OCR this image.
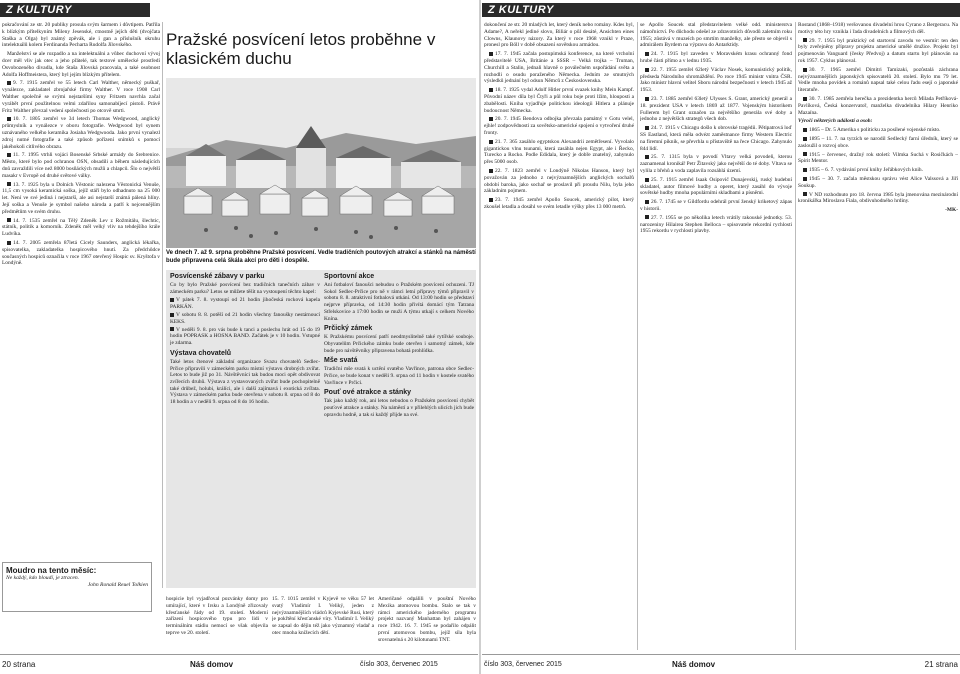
Z KULTURY

pokračování ze str. 20 publiky prosula svým šarmem i důvtipem. Patřila k blízkým přítelkyním Mileny Jesenské, ctnostně jejích děti (dvojčata Staška a Olga) byl známý zpěvák, ale i gan a příslušník okruhu intelektuálů kolem Ferdinanda Pecharta Rudolfa Jílovského.

Manželství se ale rozpadlo a na intelektuálni a vůbec duchovní vývoj dcer měl vliv jak otec a jeho přátelé, tak textové umělecké prostředí Osvobozeného divadla, kde Staša Jílovská pracovala, a také osobnost Adolfa Hoffmeistera, který byl jejím blízkým přítelem.

9. 7. 1915 zemřel ve 55 letech Carl Walther, německý puškař, vynálezce, zakladatel zbrojařské firmy Walther. V roce 1908 Carl Walther společně se svými nejstaršími syny Fritzem navrhla začal vyrábět první použitelnou velmi zdařilou samonabíjecí pistoli. Právě Fritz Walther převzal vedení společnosti po otcově smrti.

10. 7. 1805 zemřel ve 34 letech Thomas Wedgwood, anglický průmyslník a vynálezce v oboru fotografie. Wedgwood byl synem uznávaného velkého keramika Josiaha Wedgwooda. Jako první vynalezl zdroj nutné fotografie a také způsob pořízení snímků s pomocí jakéhokoli citlivého obrazu.

11. 7. 1995 vtrhli vojáci Bosenské Srbské armády do Srebrenice. Město, které bylo pod ochranou OSN, obsadili a během následujících dnů zavraždili více než 8000 bosňáckých mužů a chlapců. Šlo o největší masakr v Evropě od druhé světové války.

13. 7. 1925 byla u Dolních Věstonic nalezena Věstonická Venuše, 11,5 cm vysoká keramická soška, jejíž stáří bylo odhadnuto na 25 000 let. Není ve své jediná i nejstarší, ale asi nejstarší známá pálená hlíny. Její soška a Venuše je symbol našeho národa a patří k nejcennějším předmětům ve svém druhu.

14. 7. 1535 zemřel na Tělý Zdeněk Lev z Rožmitálu, šlechtic, státník, politik a komorník. Zdeněk měl velký vliv na tehdejšího krále Ludvíka.

14. 7. 2005 zemřela 87letá Cicely Saunders, anglická lékařka, spisovatelka, zakladatelka hospicového hnutí. Za předchůdce současných hospiců označila v roce 1967 otevřený Hospic sv. Kryštofa v Londýně.

Moudro na tento měsíc:

Ne každý, kdo bloudí, je ztracen.

John Ronald Reuel Tolkien

Pražské posvícení letos proběhne v klasickém duchu
Ve dnech 7. až 9. srpna proběhne Pražské posvícení. Vedle tradičních poutových atrakcí a stánků na náměstí bude připravena celá škála akcí pro děti i dospělé.
Posvícenské zábavy v parku

Co by bylo Pražské posvícení bez tradičních tanečních zábav v zámeckém parku? Letos se můžete těšit na vystoupení těchto kapel:

V pátek 7. 8. vystoupí od 21 hodin jihočeská rocková kapela PARKÁN.

V sobotu 8. 8. potěší od 21 hodin všechny fanoušky nestárnoucí KEKS.

V neděli 9. 8. pro vás bude k tanci a poslechu hrát od 15 do 19 hodin POPRASK a HOSNA BAND. Začátek je v 10 hodin. Vstupné je zdarma.

Výstava chovatelů

Také letos čtenové základní organizace Svazu chovatelů Sedlec-Prčice připravili v zámeckém parku místní výstavu drobných zvířat. Letos to bude již po 31. Návštěvníci tak budou moci opět obdivovat zvířecích druhů. Výstava z vystavovaných zvířat bude pochopitelně také drůbež, holubi, králíci, ale i další zajímavá i exotická zvířata. Výstava v zámeckém parku bude otevřena v sobotu 8. srpna od 8 do 18 hodin a v neděli 9. srpna od 8 do 16 hodin.

Sportovní akce

Ani fotbaloví fanoušci nebudou o Pražském posvícení ochuzeni. TJ Sokol Sedlec-Prčice pro ně v rámci letní přípravy týmů připravil v sobotu 8. 8. atraktivní fotbalová utkání. Od 13:00 hodin se představí nejprve přípravka, od 14:30 hodin přivítá domácí tým Tatrana Střelskovice a 17:00 hodin se muži A týmu utkají s celkem Nového Knína.

Prčický zámek

K Pražskému posvícení patří neodmyslitelně také rytířské souboje. Obyvatelům Prčického zámku bude otevřen i samotný zámek, kde bude pro návštěvníky připravena bohatá prohlídka.

Mše svatá

Tradiční mše svatá k uctění svatého Vavřince, patrona obce Sedlec-Prčice, se bude konat v neděli 9. srpna od 11 hodin v kostele svatého Vavřince v Prčici.

Pouť ové atrakce a stánky

Tak jako každý rok, ani letos nebudou o Pražském posvícení chybět pouťové atrakce a stánky. Na náměstí a v přilehlých ulicích jich bude opravdu hodně, a tak si každý přijde na své.

hospicie byl vyjadřoval pozvánky domy pro umírající, které v Irsku a Londýně zřizovaly křesťanské řády od 19. století. Moderní zařízení hospicového typu pro lidi v terminálním stádiu nemocí se však objevila teprve ve 20. století.
15. 7. 1015 zemřel v Kyjevě ve věku 57 let svatý Vladimír I. Veliký, jeden z nejvýznamnějších vládců Kyjevské Rusi, který je pokřtění křesťanské víry. Vladimír I. Veliký se zapsal do dějin též jako významný vladař a otec mnoha knížecích dětí.
Američané odpálili v pouštní Nového Mexika atomovou bombu. Stalo se tak v rámci amerického jaderného programu projekt nazvaný Manhattan byl zahájen v roce 1942. 16. 7. 1945 se podařilo odpálit první atomovou bombu, jejíž síla byla srovnatelná s 20 kilotunami TNT.
20 strana	Náš domov	číslo 303, červenec 2015
Z KULTURY

dokončení ze str. 20 mladých let, který deník nebo romány. Kdes byl, Adame?, A neřekl jediné slovo, Biliár o půl desáté, Ansichten eines Clowns, Klaunovy názory. Za který v roce 1968 vznikl v Praze, pronesl pro Böll v době obsazení sovětskou armádou.

17. 7. 1945 začala postupimská konference, na které vrcholní představitelé USA, Británie a SSSR – Velká trojka – Truman, Churchill a Stalin, jednali hlavně o poválečném uspořádání světa a rozhodli o osudu poraženého Německa. Jedním ze smutných výsledků jednání byl odsun Němců z Československa.

18. 7. 1925 vydal Adolf Hitler první svazek knihy Mein Kampf. Původní název díla byl Čtyři a půl roku boje proti lžím, hlouposti a zbabělosti. Kniha vyjadřuje politickou ideologii Hitlera a plánuje budoucnost Německa.

20. 7. 1945 Bendova odbojka převzala památný v Gotu velel, ejhle! zodpovědnosti za sovětsko-americké spojení o vytvoření druhé fronty.

21. 7. 365 zasáhlo egyptskou Alexandrii zemětřesení. Vyvolalo gigantickou vlnu tsunami, která zasáhla nejen Egypt, ale i Řecko, Turecko a Rocko. Podle Edidala, který je dobře znatelný, zahynulo přes 5000 osob.

22. 7. 1823 zemřel v Londýně Nikolas Hanson, který byl považován za jednoho z nejvýznamnějších anglických sochařů období baroka, jako sochař se proslavil při proudu Nilu, byla jeho základním pojmem.

23. 7. 1945 zemřel Apollo Soucek, americký pilot, který zkoušel letadla a dosáhl ve svém letadle výšky přes 13 000 metrů.

se Apollo Soucek stal představitelem velké odd. ministerstva námořnictví. Po důchodu odešel ze zdravotních důvodů zaletním roku 1955; zůstává v muzeích po smrtím manželky, ale přesto se objevil s admirálem Byrdem na výpravu do Antarktidy.

24. 7. 1915 byl zaveden v Moravském krasu ochranný fond hrubé části přímo a v lednu 1935.

22. 7. 1955 zemřel 62letý Václav Nosek, komunistický politik, předseda Národního shromáždění. Po roce 1945 ministr vnitra ČSR. Jako ministr hlavní velitel Sboru národní bezpečnosti v letech 1945 až 1953.

23. 7. 1885 zemřel 63letý Ulysses S. Grant, americký generál a 18. prezident USA v letech 1869 až 1877. Vojenským historikem Fullerem byl Grant označen za největšího generála své doby a jednoho z největších strategů všech dob.

24. 7. 1915 v Chicagu došlo k obrovské tragédii. Pětipatrová loď SS Eastland, která měla odvézt zaměstnance firmy Western Electric na firemní piknik, se převrhla u přístaviště na řece Chicago. Zahynulo 844 lidí.

25. 7. 1315 byla v povodí Vltavy velká povodeň, kterou zaznamenal kronikář Petr Žitavský jako největší do té doby. Vltava se vylila z břehů a voda zaplavila rozsáhlá území.

25. 7. 1915 zemřel Isaak Osipovič Dunajevskij, ruský hudební skladatel, autor filmové hudby a operet, který zasáhl do vývoje sovětské hudby mnoha populárními skladbami a písněmi.

26. 7. 1745 se v Gildfordu odehrál první ženský kriketový zápas v historii.

27. 7. 1955 se po několika letech vrátily rakouské jednotky. 53. narozeniny Hilairea Stephen Belloca – spisovatele rekordní rychlosti 1955 rekordu v rychlosti plavby.

Rostand (1868–1918) veršovanou divadelní hrou Cyrano z Bergeracu. Na motivy této hry vznikla i řada divadelních a filmových děl.

29. 7. 1955 byl praktický od startovní zavodu ve vesmír: ten den byly zveřejněny přípravy projektu americké umělé družice. Projekt byl pojmenován Vanguard (česky Předvoj) a datum startu byl plánován na rok 1957. Cyklus plánoval.

30. 7. 1965 zemřel Dimitri Tamizaki, pozůstalá záchrana nejvýznamnějších japonských spisovatelů 20. století. Bylo mu 79 let. Vedle mnoha povídek a románů napsal také celou řadu esejí o japonské literatuře.

30. 7. 1985 zemřela herečka a prezidentka herců Milada Petříková-Pavlíková, Česká konzervatoř, manželka divadelníka Hilary Henriko Mazaína.

Výročí některých událostí a osob:

1865 – Dr. 5 Amerika s politicku za posílené vojenské místo.

1895 – 11. 7. na tyrzích se narodil Sedlecký farní úředník, který se zasloužil o rozvoj obce.

1915 – červenec, dražný rok století: Vilmka Suchá v Rosičkách – Spirit Mentor.

1935 – 6. 7. vydávání první knihy Jeřábkových knih.

1945 – 30. 7. začala městskou správu vést Alice Valssová a Jiří Soukup.

V ND rozhodnuto pro 18. června 1985 byla jmenována mezinárodní kronikářka Miroslava Fiala, obdivuhodného hrdiny.

-MK-

číslo 303, červenec 2015	Náš domov	21 strana
